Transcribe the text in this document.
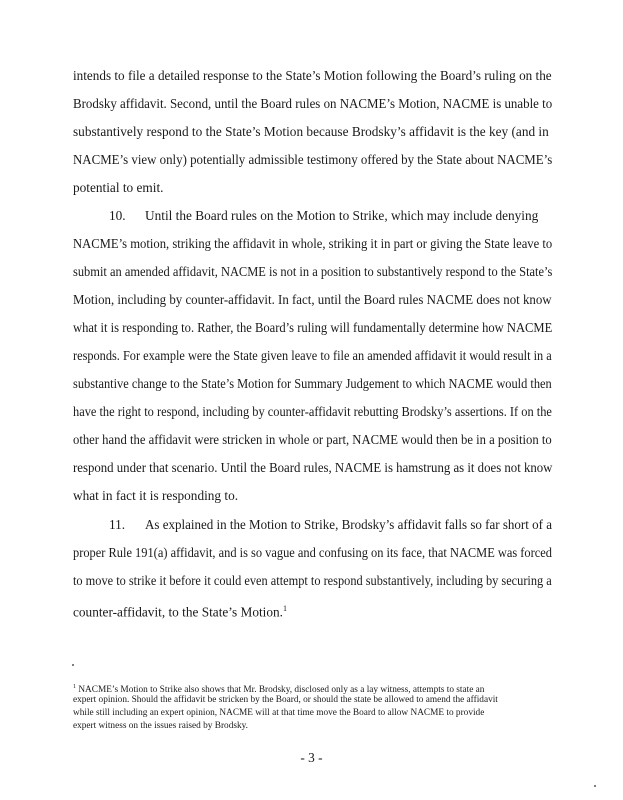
intends to file a detailed response to the State’s Motion following the Board’s ruling on the
Brodsky affidavit. Second, until the Board rules on NACME’s Motion, NACME is unable to
substantively respond to the State’s Motion because Brodsky’s affidavit is the key (and in
NACME’s view only) potentially admissible testimony offered by the State about NACME’s
potential to emit.
10. Until the Board rules on the Motion to Strike, which may include denying
NACME’s motion, striking the affidavit in whole, striking it in part or giving the State leave to
submit an amended affidavit, NACME is not in a position to substantively respond to the State’s
Motion, including by counter-affidavit. In fact, until the Board rules NACME does not know
what it is responding to. Rather, the Board’s ruling will fundamentally determine how NACME
responds. For example were the State given leave to file an amended affidavit it would result in a
substantive change to the State’s Motion for Summary Judgement to which NACME would then
have the right to respond, including by counter-affidavit rebutting Brodsky’s assertions. If on the
other hand the affidavit were stricken in whole or part, NACME would then be in a position to
respond under that scenario. Until the Board rules, NACME is hamstrung as it does not know
what in fact it is responding to.
11. As explained in the Motion to Strike, Brodsky’s affidavit falls so far short of a
proper Rule 191(a) affidavit, and is so vague and confusing on its face, that NACME was forced
to move to strike it before it could even attempt to respond substantively, including by securing a
counter-affidavit, to the State’s Motion.$^1$
$^1$ NACME’s Motion to Strike also shows that Mr. Brodsky, disclosed only as a lay witness, attempts to state an
expert opinion. Should the affidavit be stricken by the Board, or should the state be allowed to amend the affidavit
while still including an expert opinion, NACME will at that time move the Board to allow NACME to provide
expert witness on the issues raised by Brodsky.
- 3 -
